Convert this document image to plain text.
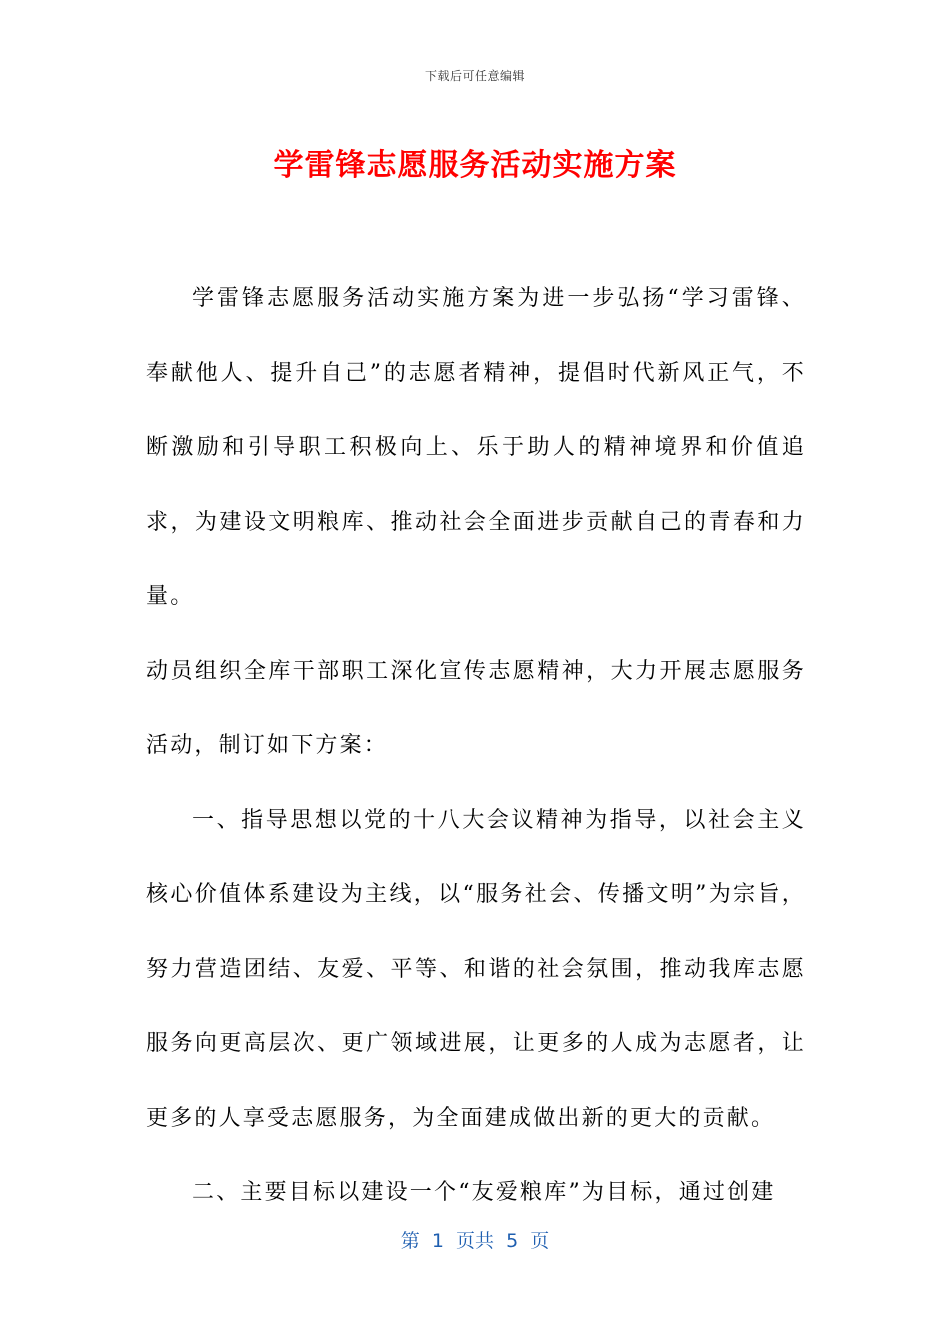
下载后可任意编辑
学雷锋志愿服务活动实施方案

学雷锋志愿服务活动实施方案为进一步弘扬“学习雷锋、奉献他人、提升自己”的志愿者精神，提倡时代新风正气，不断激励和引导职工积极向上、乐于助人的精神境界和价值追求，为建设文明粮库、推动社会全面进步贡献自己的青春和力量。

动员组织全库干部职工深化宣传志愿精神，大力开展志愿服务活动，制订如下方案：

一、指导思想以党的十八大会议精神为指导，以社会主义核心价值体系建设为主线，以“服务社会、传播文明”为宗旨，努力营造团结、友爱、平等、和谐的社会氛围，推动我库志愿服务向更高层次、更广领域进展，让更多的人成为志愿者，让更多的人享受志愿服务，为全面建成做出新的更大的贡献。

二、主要目标以建设一个“友爱粮库”为目标，通过创建

第  1  页共  5  页
